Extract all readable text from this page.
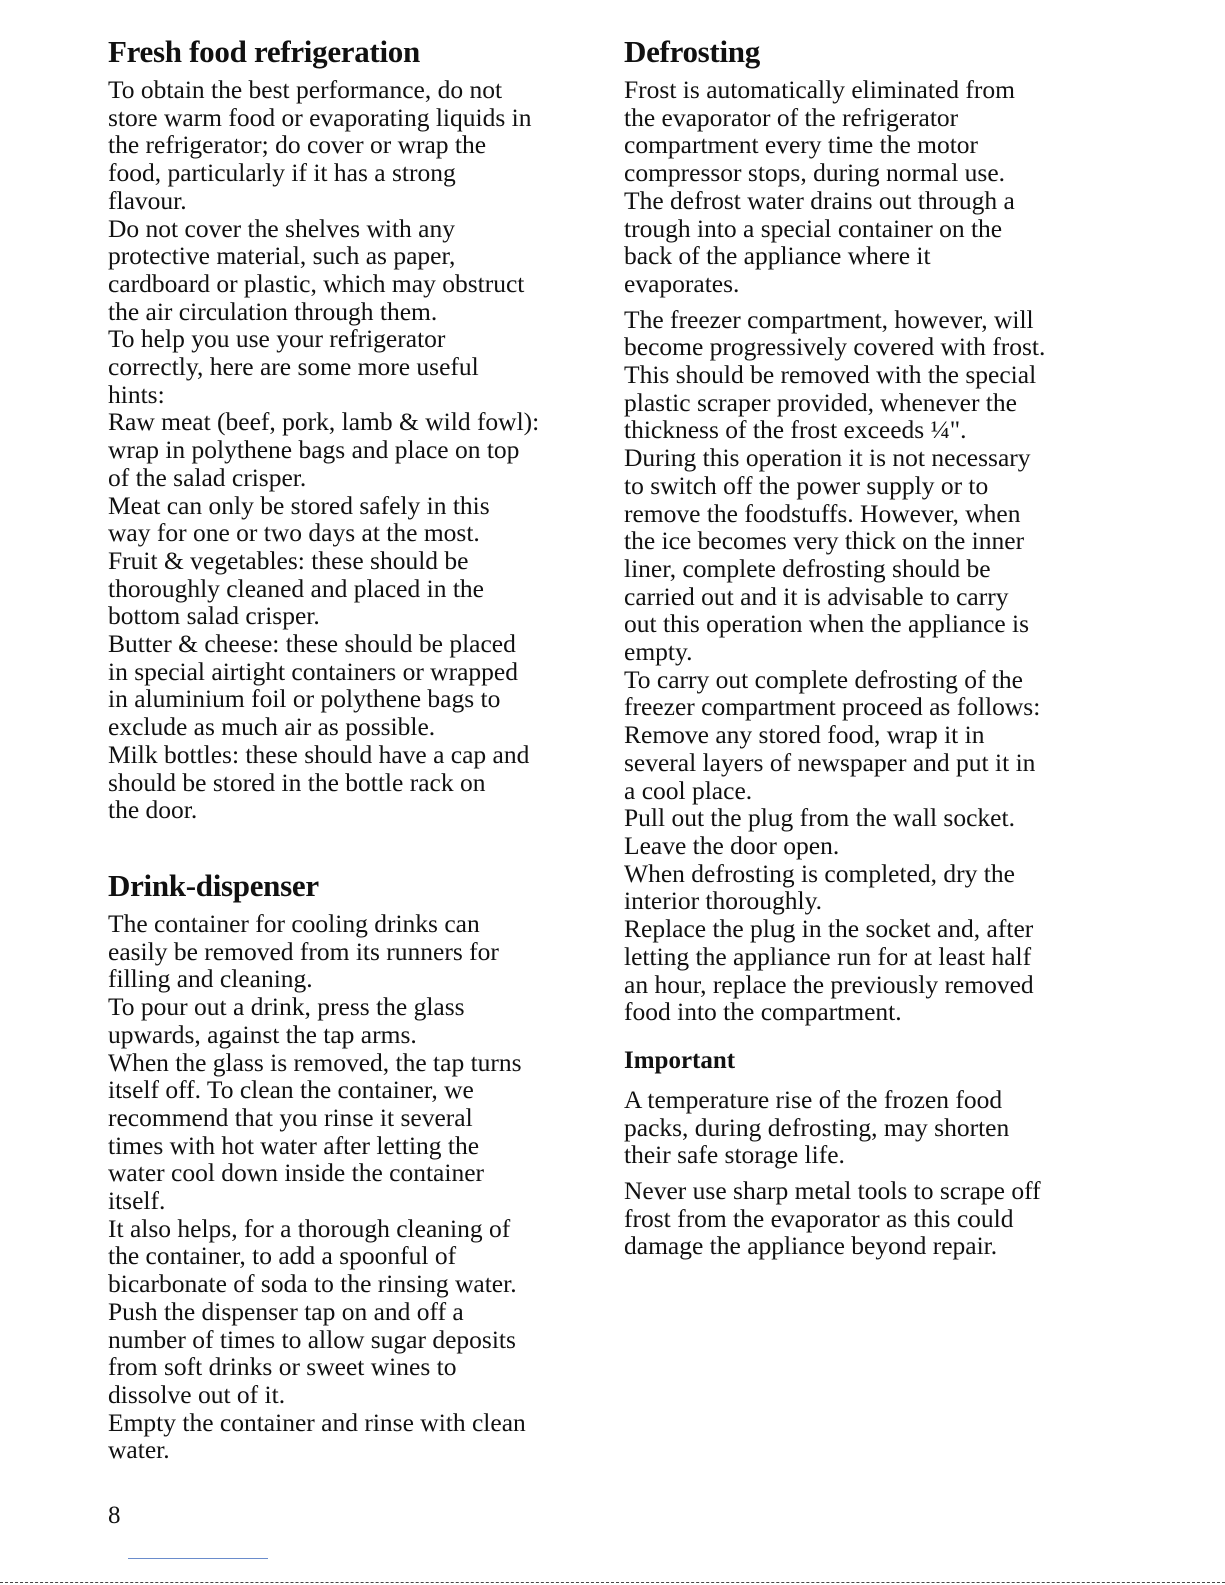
Fresh food refrigeration
To obtain the best performance, do not
store warm food or evaporating liquids in
the refrigerator; do cover or wrap the
food, particularly if it has a strong
flavour.
Do not cover the shelves with any
protective material, such as paper,
cardboard or plastic, which may obstruct
the air circulation through them.
To help you use your refrigerator
correctly, here are some more useful
hints:
Raw meat (beef, pork, lamb & wild fowl):
wrap in polythene bags and place on top
of the salad crisper.
Meat can only be stored safely in this
way for one or two days at the most.
Fruit & vegetables: these should be
thoroughly cleaned and placed in the
bottom salad crisper.
Butter & cheese: these should be placed
in special airtight containers or wrapped
in aluminium foil or polythene bags to
exclude as much air as possible.
Milk bottles: these should have a cap and
should be stored in the bottle rack on
the door.
Drink-dispenser
The container for cooling drinks can
easily be removed from its runners for
filling and cleaning.
To pour out a drink, press the glass
upwards, against the tap arms.
When the glass is removed, the tap turns
itself off. To clean the container, we
recommend that you rinse it several
times with hot water after letting the
water cool down inside the container
itself.
It also helps, for a thorough cleaning of
the container, to add a spoonful of
bicarbonate of soda to the rinsing water.
Push the dispenser tap on and off a
number of times to allow sugar deposits
from soft drinks or sweet wines to
dissolve out of it.
Empty the container and rinse with clean
water.
Defrosting
Frost is automatically eliminated from
the evaporator of the refrigerator
compartment every time the motor
compressor stops, during normal use.
The defrost water drains out through a
trough into a special container on the
back of the appliance where it
evaporates.
The freezer compartment, however, will
become progressively covered with frost.
This should be removed with the special
plastic scraper provided, whenever the
thickness of the frost exceeds ¼".
During this operation it is not necessary
to switch off the power supply or to
remove the foodstuffs. However, when
the ice becomes very thick on the inner
liner, complete defrosting should be
carried out and it is advisable to carry
out this operation when the appliance is
empty.
To carry out complete defrosting of the
freezer compartment proceed as follows:
Remove any stored food, wrap it in
several layers of newspaper and put it in
a cool place.
Pull out the plug from the wall socket.
Leave the door open.
When defrosting is completed, dry the
interior thoroughly.
Replace the plug in the socket and, after
letting the appliance run for at least half
an hour, replace the previously removed
food into the compartment.
Important
A temperature rise of the frozen food
packs, during defrosting, may shorten
their safe storage life.
Never use sharp metal tools to scrape off
frost from the evaporator as this could
damage the appliance beyond repair.
8
